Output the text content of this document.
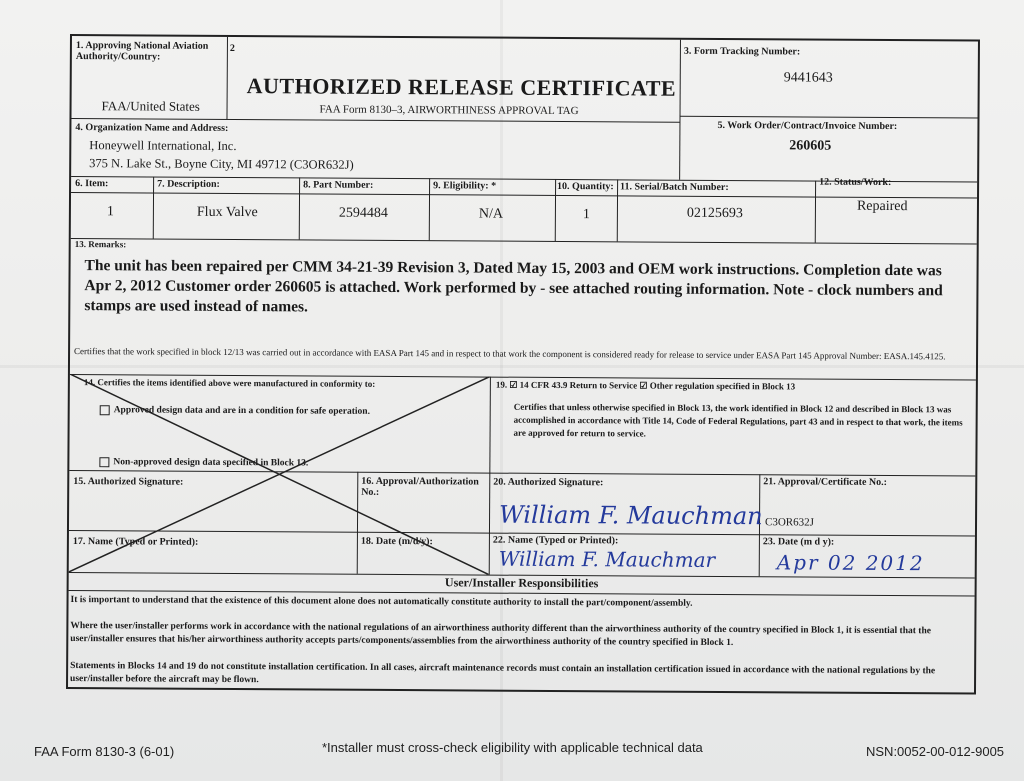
1. Approving National Aviation Authority/Country:
FAA/United States
2
AUTHORIZED RELEASE CERTIFICATE
FAA Form 8130–3, AIRWORTHINESS APPROVAL TAG
3. Form Tracking Number:
9441643
4. Organization Name and Address:
Honeywell International, Inc.
375 N. Lake St., Boyne City, MI 49712 (C3OR632J)
5. Work Order/Contract/Invoice Number:
260605
6. Item:	7. Description:	8. Part Number:	9. Eligibility: *	10. Quantity: 11. Serial/Batch Number:	12. Status/Work:
1	Flux Valve	2594484	N/A	1	02125693	Repaired
13. Remarks:
The unit has been repaired per CMM 34-21-39 Revision 3, Dated May 15, 2003 and OEM work instructions. Completion date was Apr 2, 2012 Customer order 260605 is attached. Work performed by - see attached routing information. Note - clock numbers and stamps are used instead of names.
Certifies that the work specified in block 12/13 was carried out in accordance with EASA Part 145 and in respect to that work the component is considered ready for release to service under EASA Part 145 Approval Number: EASA.145.4125.
14. Certifies the items identified above were manufactured in conformity to:
Approved design data and are in a condition for safe operation.
Non-approved design data specified in Block 13.
19. ☑ 14 CFR 43.9 Return to Service ☑ Other regulation specified in Block 13
Certifies that unless otherwise specified in Block 13, the work identified in Block 12 and described in Block 13 was accomplished in accordance with Title 14, Code of Federal Regulations, part 43 and in respect to that work, the items are approved for return to service.
15. Authorized Signature:	16. Approval/Authorization No.:
20. Authorized Signature:
William F. Mauchman
21. Approval/Certificate No.:
C3OR632J
17. Name (Typed or Printed):	18. Date (m/d/y):	22. Name (Typed or Printed):
William F. Mauchmar
23. Date (m d y):
Apr 02 2012
User/Installer Responsibilities
It is important to understand that the existence of this document alone does not automatically constitute authority to install the part/component/assembly.
Where the user/installer performs work in accordance with the national regulations of an airworthiness authority different than the airworthiness authority of the country specified in Block 1, it is essential that the user/installer ensures that his/her airworthiness authority accepts parts/components/assemblies from the airworthiness authority of the country specified in Block 1.
Statements in Blocks 14 and 19 do not constitute installation certification. In all cases, aircraft maintenance records must contain an installation certification issued in accordance with the national regulations by the user/installer before the aircraft may be flown.
FAA Form 8130-3 (6-01)	*Installer must cross-check eligibility with applicable technical data	NSN:0052-00-012-9005
